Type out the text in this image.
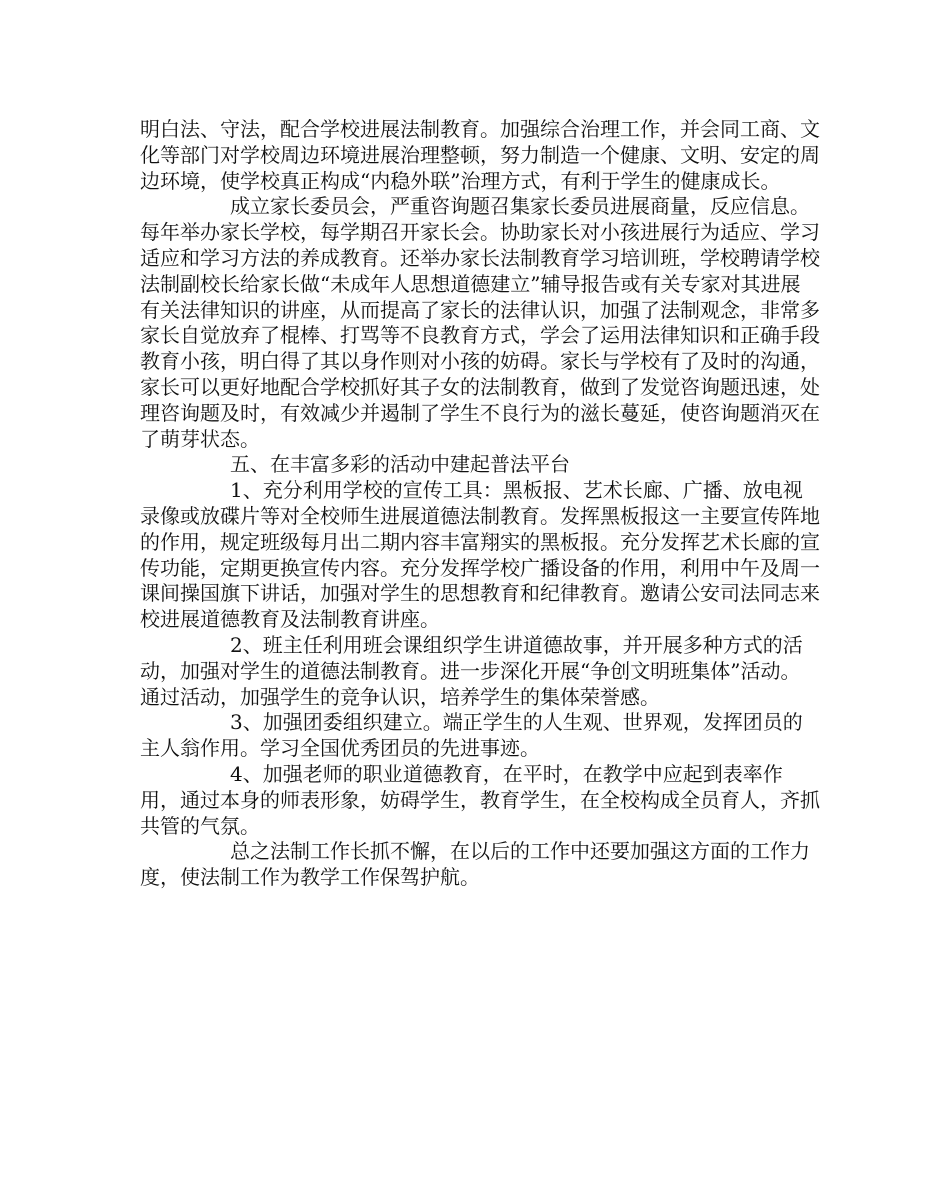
明白法、守法，配合学校进展法制教育。加强综合治理工作，并会同工商、文化等部门对学校周边环境进展治理整顿，努力制造一个健康、文明、安定的周边环境，使学校真正构成“内稳外联”治理方式，有利于学生的健康成长。

成立家长委员会，严重咨询题召集家长委员进展商量，反应信息。每年举办家长学校，每学期召开家长会。协助家长对小孩进展行为适应、学习适应和学习方法的养成教育。还举办家长法制教育学习培训班，学校聘请学校法制副校长给家长做“未成年人思想道德建立”辅导报告或有关专家对其进展有关法律知识的讲座，从而提高了家长的法律认识，加强了法制观念，非常多家长自觉放弃了棍棒、打骂等不良教育方式，学会了运用法律知识和正确手段教育小孩，明白得了其以身作则对小孩的妨碍。家长与学校有了及时的沟通，家长可以更好地配合学校抓好其子女的法制教育，做到了发觉咨询题迅速，处理咨询题及时，有效减少并遏制了学生不良行为的滋长蔓延，使咨询题消灭在了萌芽状态。

五、在丰富多彩的活动中建起普法平台

1、充分利用学校的宣传工具：黑板报、艺术长廊、广播、放电视录像或放碟片等对全校师生进展道德法制教育。发挥黑板报这一主要宣传阵地的作用，规定班级每月出二期内容丰富翔实的黑板报。充分发挥艺术长廊的宣传功能，定期更换宣传内容。充分发挥学校广播设备的作用，利用中午及周一课间操国旗下讲话，加强对学生的思想教育和纪律教育。邀请公安司法同志来校进展道德教育及法制教育讲座。

2、班主任利用班会课组织学生讲道德故事，并开展多种方式的活动，加强对学生的道德法制教育。进一步深化开展“争创文明班集体”活动。通过活动，加强学生的竞争认识，培养学生的集体荣誉感。

3、加强团委组织建立。端正学生的人生观、世界观，发挥团员的主人翁作用。学习全国优秀团员的先进事迹。

4、加强老师的职业道德教育，在平时，在教学中应起到表率作用，通过本身的师表形象，妨碍学生，教育学生，在全校构成全员育人，齐抓共管的气氛。

总之法制工作长抓不懈，在以后的工作中还要加强这方面的工作力度，使法制工作为教学工作保驾护航。
